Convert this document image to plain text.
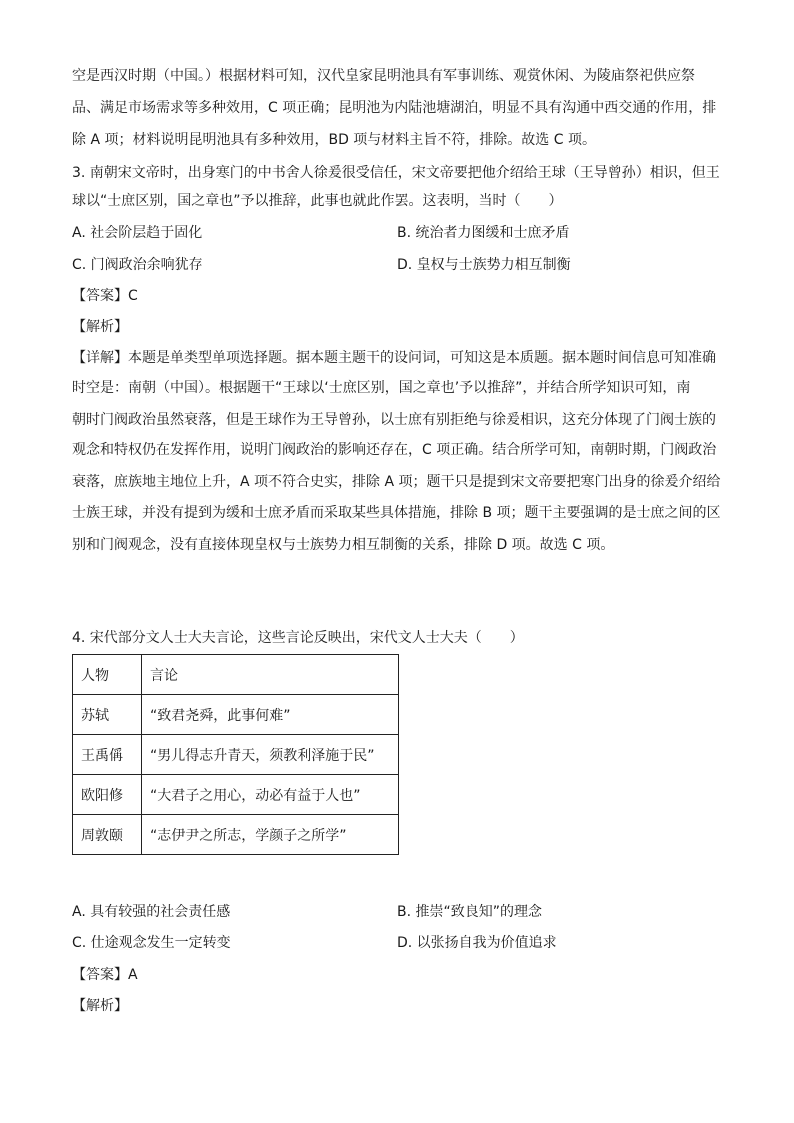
空是西汉时期（中国。）根据材料可知，汉代皇家昆明池具有军事训练、观赏休闲、为陵庙祭祀供应祭
品、满足市场需求等多种效用，C 项正确；昆明池为内陆池塘湖泊，明显不具有沟通中西交通的作用，排
除 A 项；材料说明昆明池具有多种效用，BD 项与材料主旨不符，排除。故选 C 项。
3. 南朝宋文帝时，出身寒门的中书舍人徐爰很受信任，宋文帝要把他介绍给王球（王导曾孙）相识，但王
球以“士庶区别，国之章也”予以推辞，此事也就此作罢。这表明，当时（　　）
A. 社会阶层趋于固化	B. 统治者力图缓和士庶矛盾
C. 门阀政治余响犹存	D. 皇权与士族势力相互制衡
【答案】C
【解析】
【详解】本题是单类型单项选择题。据本题主题干的设问词，可知这是本质题。据本题时间信息可知准确
时空是：南朝（中国）。根据题干“王球以‘士庶区别，国之章也’予以推辞”，并结合所学知识可知，南
朝时门阀政治虽然衰落，但是王球作为王导曾孙，以士庶有别拒绝与徐爰相识，这充分体现了门阀士族的
观念和特权仍在发挥作用，说明门阀政治的影响还存在，C 项正确。结合所学可知，南朝时期，门阀政治
衰落，庶族地主地位上升，A 项不符合史实，排除 A 项；题干只是提到宋文帝要把寒门出身的徐爰介绍给
士族王球，并没有提到为缓和士庶矛盾而采取某些具体措施，排除 B 项；题干主要强调的是士庶之间的区
别和门阀观念，没有直接体现皇权与士族势力相互制衡的关系，排除 D 项。故选 C 项。
4. 宋代部分文人士大夫言论，这些言论反映出，宋代文人士大夫（　　）
人物	言论
苏轼	“致君尧舜，此事何难”
王禹偁	“男儿得志升青天，须教利泽施于民”
欧阳修	“大君子之用心，动必有益于人也”
周敦颐	“志伊尹之所志，学颜子之所学”
A. 具有较强的社会责任感	B. 推崇“致良知”的理念
C. 仕途观念发生一定转变	D. 以张扬自我为价值追求
【答案】A
【解析】
